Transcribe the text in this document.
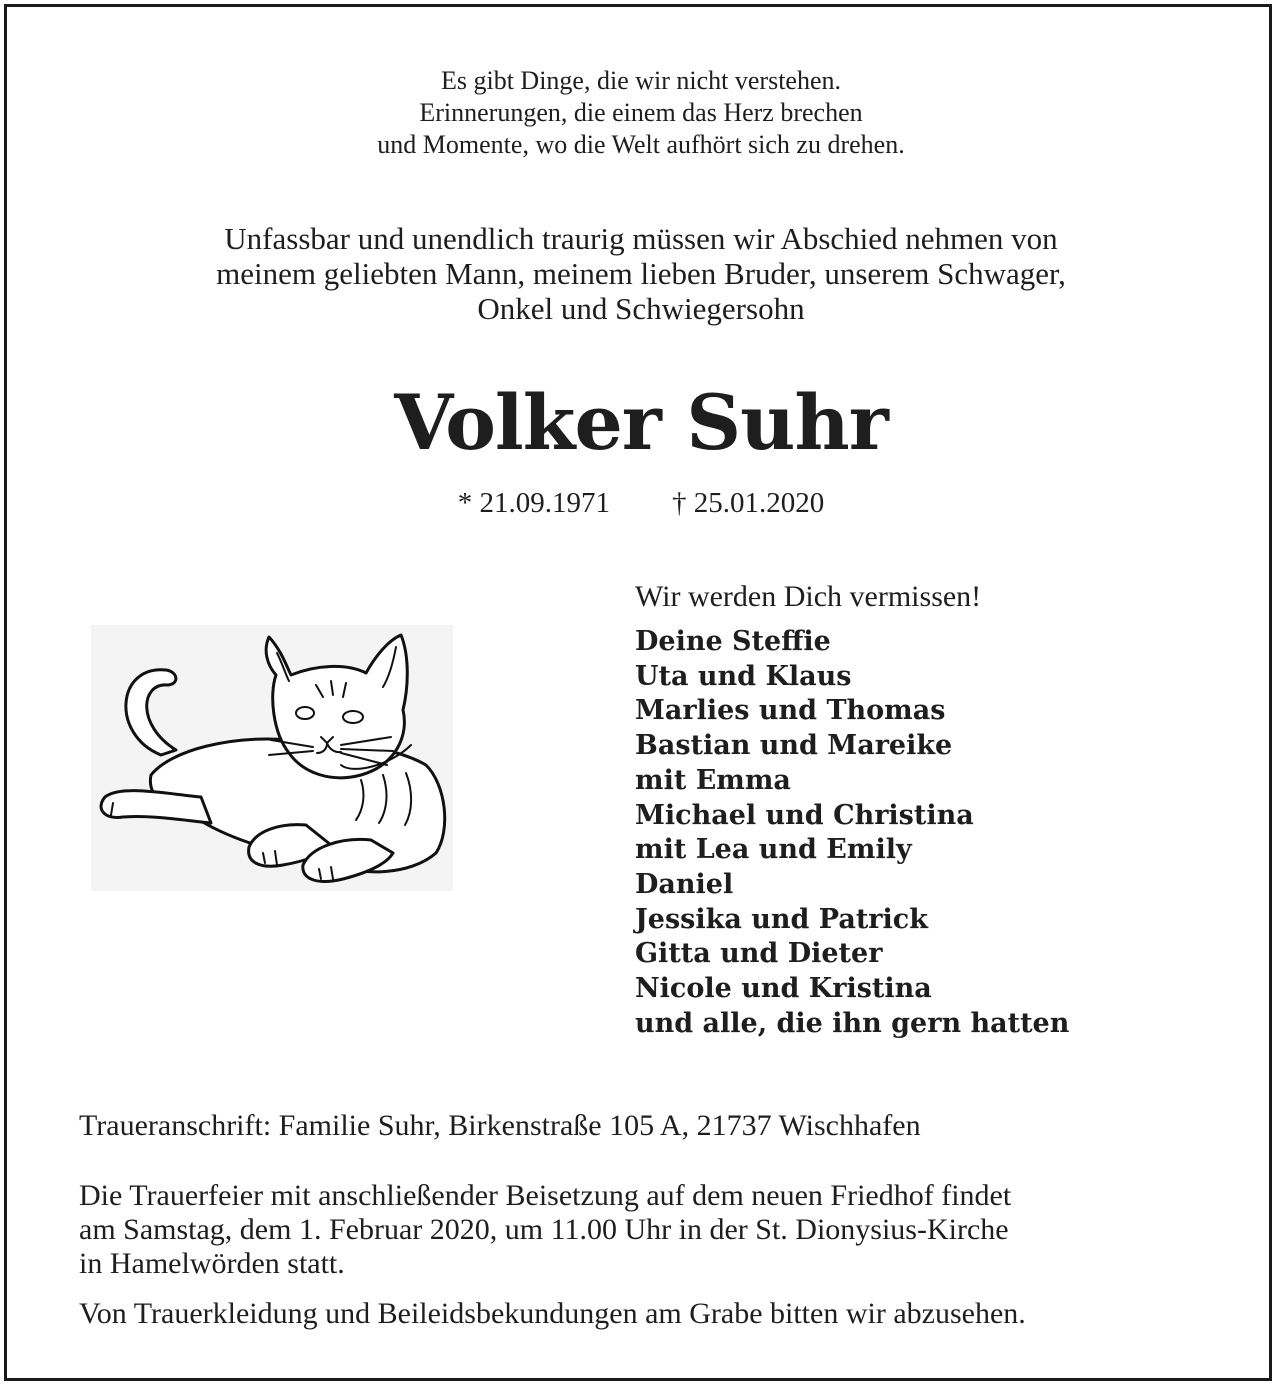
Es gibt Dinge, die wir nicht verstehen.
Erinnerungen, die einem das Herz brechen
und Momente, wo die Welt aufhört sich zu drehen.
Unfassbar und unendlich traurig müssen wir Abschied nehmen von
meinem geliebten Mann, meinem lieben Bruder, unserem Schwager,
Onkel und Schwiegersohn
Volker Suhr
* 21.09.1971 † 25.01.2020
Wir werden Dich vermissen!
Deine Steffie
Uta und Klaus
Marlies und Thomas
Bastian und Mareike
mit Emma
Michael und Christina
mit Lea und Emily
Daniel
Jessika und Patrick
Gitta und Dieter
Nicole und Kristina
und alle, die ihn gern hatten
Traueranschrift: Familie Suhr, Birkenstraße 105 A, 21737 Wischhafen
Die Trauerfeier mit anschließender Beisetzung auf dem neuen Friedhof findet
am Samstag, dem 1. Februar 2020, um 11.00 Uhr in der St. Dionysius-Kirche
in Hamelwörden statt.
Von Trauerkleidung und Beileidsbekundungen am Grabe bitten wir abzusehen.
